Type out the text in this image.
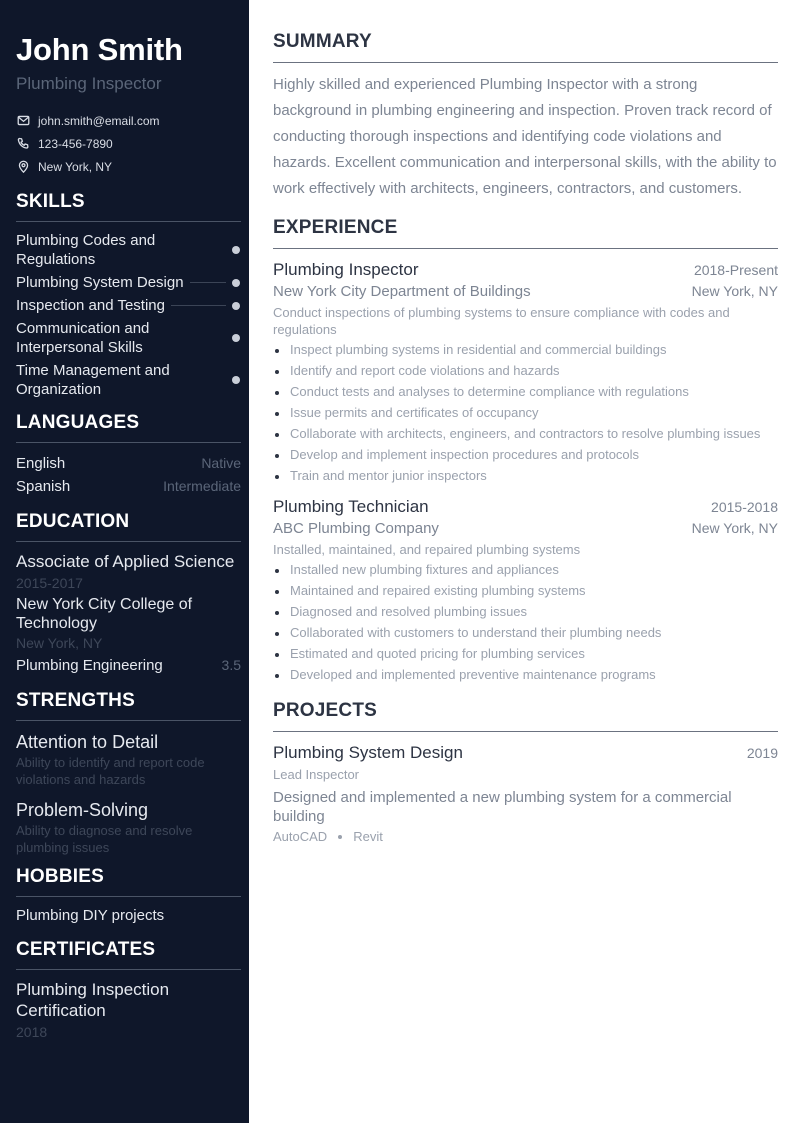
John Smith
Plumbing Inspector
john.smith@email.com
123-456-7890
New York, NY
SKILLS
Plumbing Codes and Regulations
Plumbing System Design
Inspection and Testing
Communication and Interpersonal Skills
Time Management and Organization
LANGUAGES
English	Native
Spanish	Intermediate
EDUCATION
Associate of Applied Science
2015-2017
New York City College of Technology
New York, NY
Plumbing Engineering	3.5
STRENGTHS
Attention to Detail
Ability to identify and report code violations and hazards
Problem-Solving
Ability to diagnose and resolve plumbing issues
HOBBIES
Plumbing DIY projects
CERTIFICATES
Plumbing Inspection Certification
2018
SUMMARY

Highly skilled and experienced Plumbing Inspector with a strong background in plumbing engineering and inspection. Proven track record of conducting thorough inspections and identifying code violations and hazards. Excellent communication and interpersonal skills, with the ability to work effectively with architects, engineers, contractors, and customers.

EXPERIENCE
Plumbing Inspector	2018-Present
New York City Department of Buildings	New York, NY
Conduct inspections of plumbing systems to ensure compliance with codes and regulations
Inspect plumbing systems in residential and commercial buildings
Identify and report code violations and hazards
Conduct tests and analyses to determine compliance with regulations
Issue permits and certificates of occupancy
Collaborate with architects, engineers, and contractors to resolve plumbing issues
Develop and implement inspection procedures and protocols
Train and mentor junior inspectors
Plumbing Technician	2015-2018
ABC Plumbing Company	New York, NY
Installed, maintained, and repaired plumbing systems
Installed new plumbing fixtures and appliances
Maintained and repaired existing plumbing systems
Diagnosed and resolved plumbing issues
Collaborated with customers to understand their plumbing needs
Estimated and quoted pricing for plumbing services
Developed and implemented preventive maintenance programs
PROJECTS
Plumbing System Design	2019
Lead Inspector
Designed and implemented a new plumbing system for a commercial building
AutoCAD Revit
